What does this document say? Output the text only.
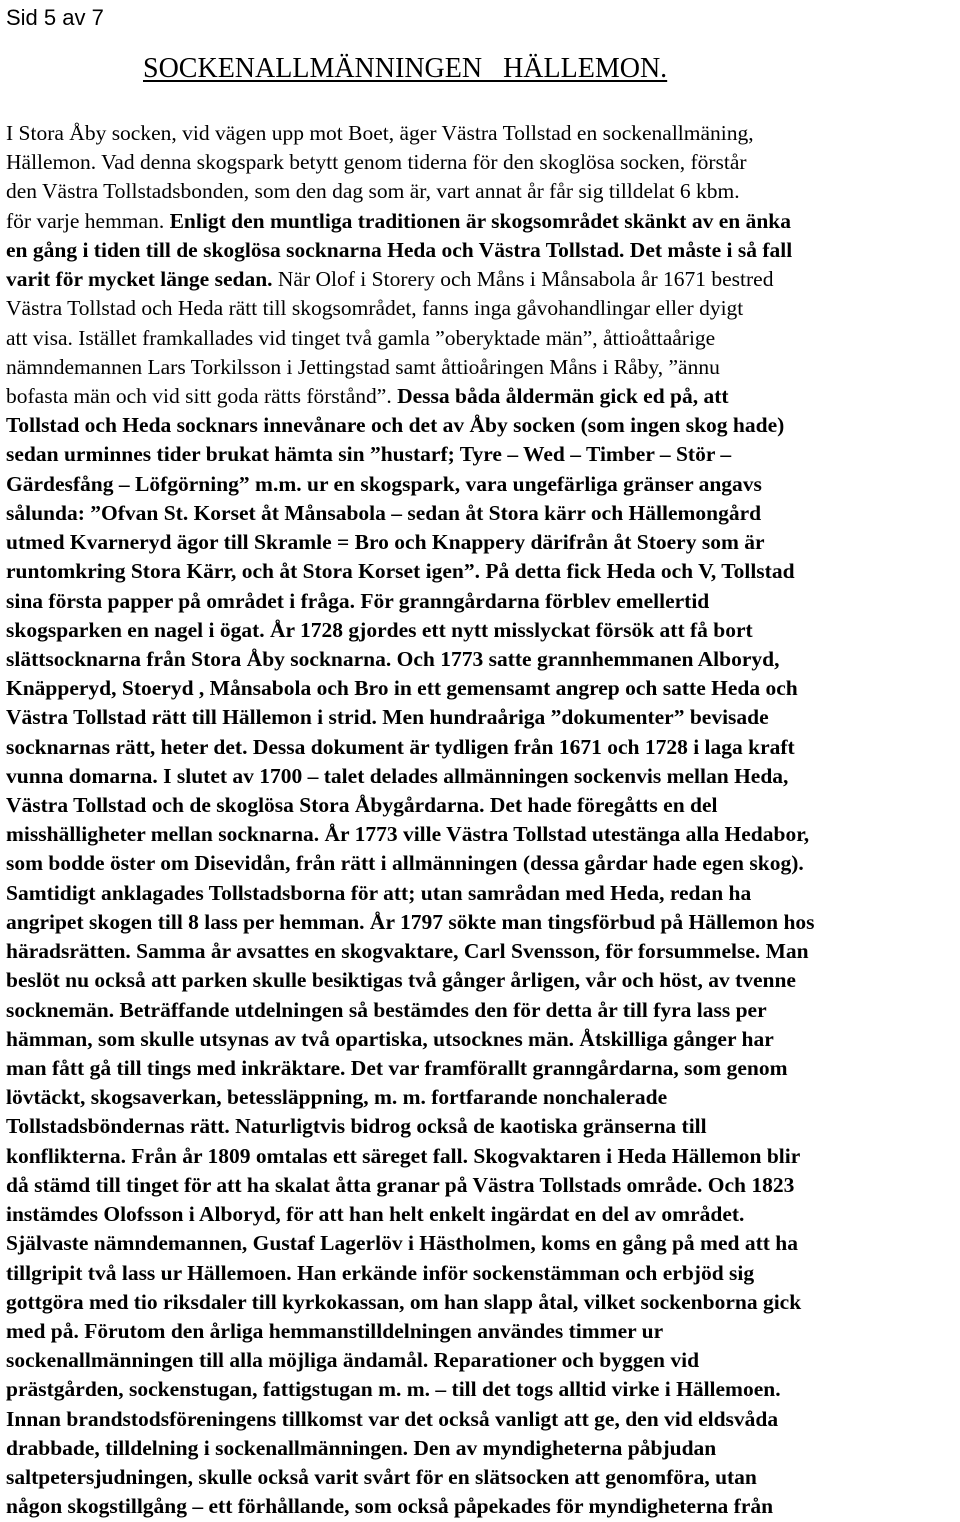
Sid 5 av 7
SOCKENALLMÄNNINGEN   HÄLLEMON.
I Stora Åby socken, vid vägen upp mot Boet, äger Västra Tollstad en sockenallmäning,
Hällemon. Vad denna skogspark betytt genom tiderna för den skoglösa socken, förstår
den Västra Tollstadsbonden, som den dag som är, vart annat år får sig tilldelat 6 kbm.
för varje hemman. Enligt den muntliga traditionen är skogsområdet skänkt av en änka
en gång i tiden till de skoglösa socknarna Heda och Västra Tollstad. Det måste i så fall
varit för mycket länge sedan. När Olof i Storery och Måns i Månsabola år 1671 bestred
Västra Tollstad och Heda rätt till skogsområdet, fanns inga gåvohandlingar eller dyigt
att visa. Istället framkallades vid tinget två gamla ”oberyktade män”, åttioåttaårige
nämndemannen Lars Torkilsson i Jettingstad samt åttioåringen Måns i Råby, ”ännu
bofasta män och vid sitt goda rätts förstånd”. Dessa båda åldermän gick ed på, att
Tollstad och Heda socknars innevånare och det av Åby socken (som ingen skog hade)
sedan urminnes tider brukat hämta sin ”hustarf; Tyre – Wed – Timber – Stör –
Gärdesfång – Löfgörning” m.m. ur en skogspark, vara ungefärliga gränser angavs
sålunda: ”Ofvan St. Korset åt Månsabola – sedan åt Stora kärr och Hällemongård
utmed Kvarneryd ägor till Skramle = Bro och Knappery därifrån åt Stoery som är
runtomkring Stora Kärr, och åt Stora Korset igen”. På detta fick Heda och V, Tollstad
sina första papper på området i fråga. För granngårdarna förblev emellertid
skogsparken en nagel i ögat. År 1728 gjordes ett nytt misslyckat försök att få bort
slättsocknarna från Stora Åby socknarna. Och 1773 satte grannhemmanen Alboryd,
Knäpperyd, Stoeryd , Månsabola och Bro in ett gemensamt angrep och satte Heda och
Västra Tollstad rätt till Hällemon i strid. Men hundraåriga ”dokumenter” bevisade
socknarnas rätt, heter det. Dessa dokument är tydligen från 1671 och 1728 i laga kraft
vunna domarna. I slutet av 1700 – talet delades allmänningen sockenvis mellan Heda,
Västra Tollstad och de skoglösa Stora Åbygårdarna. Det hade föregåtts en del
misshälligheter mellan socknarna. År 1773 ville Västra Tollstad utestänga alla Hedabor,
som bodde öster om Disevidån, från rätt i allmänningen (dessa gårdar hade egen skog).
Samtidigt anklagades Tollstadsborna för att; utan samrådan med Heda, redan ha
angripet skogen till 8 lass per hemman. År 1797 sökte man tingsförbud på Hällemon hos
häradsrätten. Samma år avsattes en skogvaktare, Carl Svensson, för forsummelse. Man
beslöt nu också att parken skulle besiktigas två gånger årligen, vår och höst, av tvenne
socknemän. Beträffande utdelningen så bestämdes den för detta år till fyra lass per
hämman, som skulle utsynas av två opartiska, utsocknes män. Åtskilliga gånger har
man fått gå till tings med inkräktare. Det var framförallt granngårdarna, som genom
lövtäckt, skogsaverkan, betessläppning, m. m. fortfarande nonchalerade
Tollstadsböndernas rätt. Naturligtvis bidrog också de kaotiska gränserna till
konflikterna. Från år 1809 omtalas ett säreget fall. Skogvaktaren i Heda Hällemon blir
då stämd till tinget för att ha skalat åtta granar på Västra Tollstads område. Och 1823
instämdes Olofsson i Alboryd, för att han helt enkelt ingärdat en del av området.
Självaste nämndemannen, Gustaf Lagerlöv i Hästholmen, koms en gång på med att ha
tillgripit två lass ur Hällemoen. Han erkände inför sockenstämman och erbjöd sig
gottgöra med tio riksdaler till kyrkokassan, om han slapp åtal, vilket sockenborna gick
med på. Förutom den årliga hemmanstilldelningen användes timmer ur
sockenallmänningen till alla möjliga ändamål. Reparationer och byggen vid
prästgården, sockenstugan, fattigstugan m. m. – till det togs alltid virke i Hällemoen.
Innan brandstodsföreningens tillkomst var det också vanligt att ge, den vid eldsvåda
drabbade, tilldelning i sockenallmänningen. Den av myndigheterna påbjudan
saltpetersjudningen, skulle också varit svårt för en slätsocken att genomföra, utan
någon skogstillgång – ett förhållande, som också påpekades för myndigheterna från
